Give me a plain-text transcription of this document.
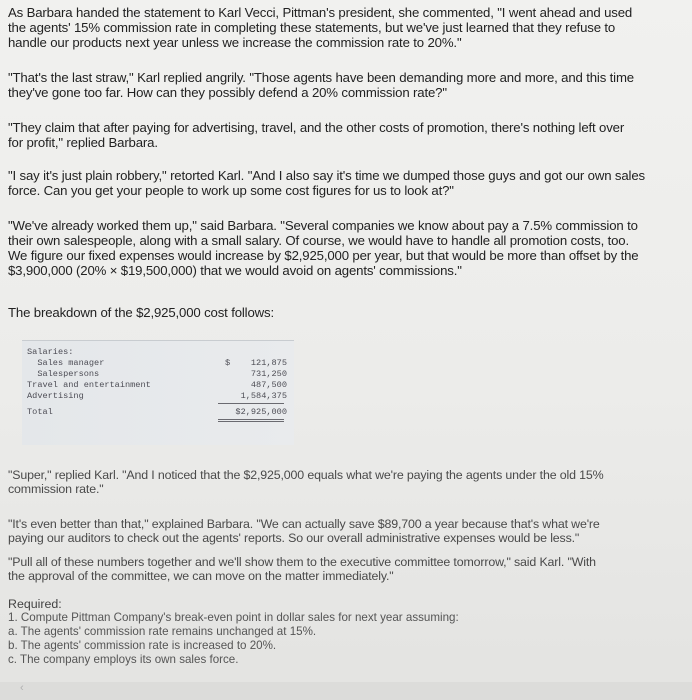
As Barbara handed the statement to Karl Vecci, Pittman's president, she commented, "I went ahead and used
the agents' 15% commission rate in completing these statements, but we've just learned that they refuse to
handle our products next year unless we increase the commission rate to 20%."
"That's the last straw," Karl replied angrily. "Those agents have been demanding more and more, and this time
they've gone too far. How can they possibly defend a 20% commission rate?"
"They claim that after paying for advertising, travel, and the other costs of promotion, there's nothing left over
for profit," replied Barbara.
"I say it's just plain robbery," retorted Karl. "And I also say it's time we dumped those guys and got our own sales
force. Can you get your people to work up some cost figures for us to look at?"
"We've already worked them up," said Barbara. "Several companies we know about pay a 7.5% commission to
their own salespeople, along with a small salary. Of course, we would have to handle all promotion costs, too.
We figure our fixed expenses would increase by $2,925,000 per year, but that would be more than offset by the
$3,900,000 (20% × $19,500,000) that we would avoid on agents' commissions."
The breakdown of the $2,925,000 cost follows:
Salaries:
Sales manager	$ 121,875
Salespersons	731,250
Travel and entertainment	487,500
Advertising	1,584,375
Total	$2,925,000
"Super," replied Karl. "And I noticed that the $2,925,000 equals what we're paying the agents under the old 15%
commission rate."
"It's even better than that," explained Barbara. "We can actually save $89,700 a year because that's what we're
paying our auditors to check out the agents' reports. So our overall administrative expenses would be less."
"Pull all of these numbers together and we'll show them to the executive committee tomorrow," said Karl. "With
the approval of the committee, we can move on the matter immediately."
Required:
1. Compute Pittman Company's break-even point in dollar sales for next year assuming:
a. The agents' commission rate remains unchanged at 15%.
b. The agents' commission rate is increased to 20%.
c. The company employs its own sales force.
‹
